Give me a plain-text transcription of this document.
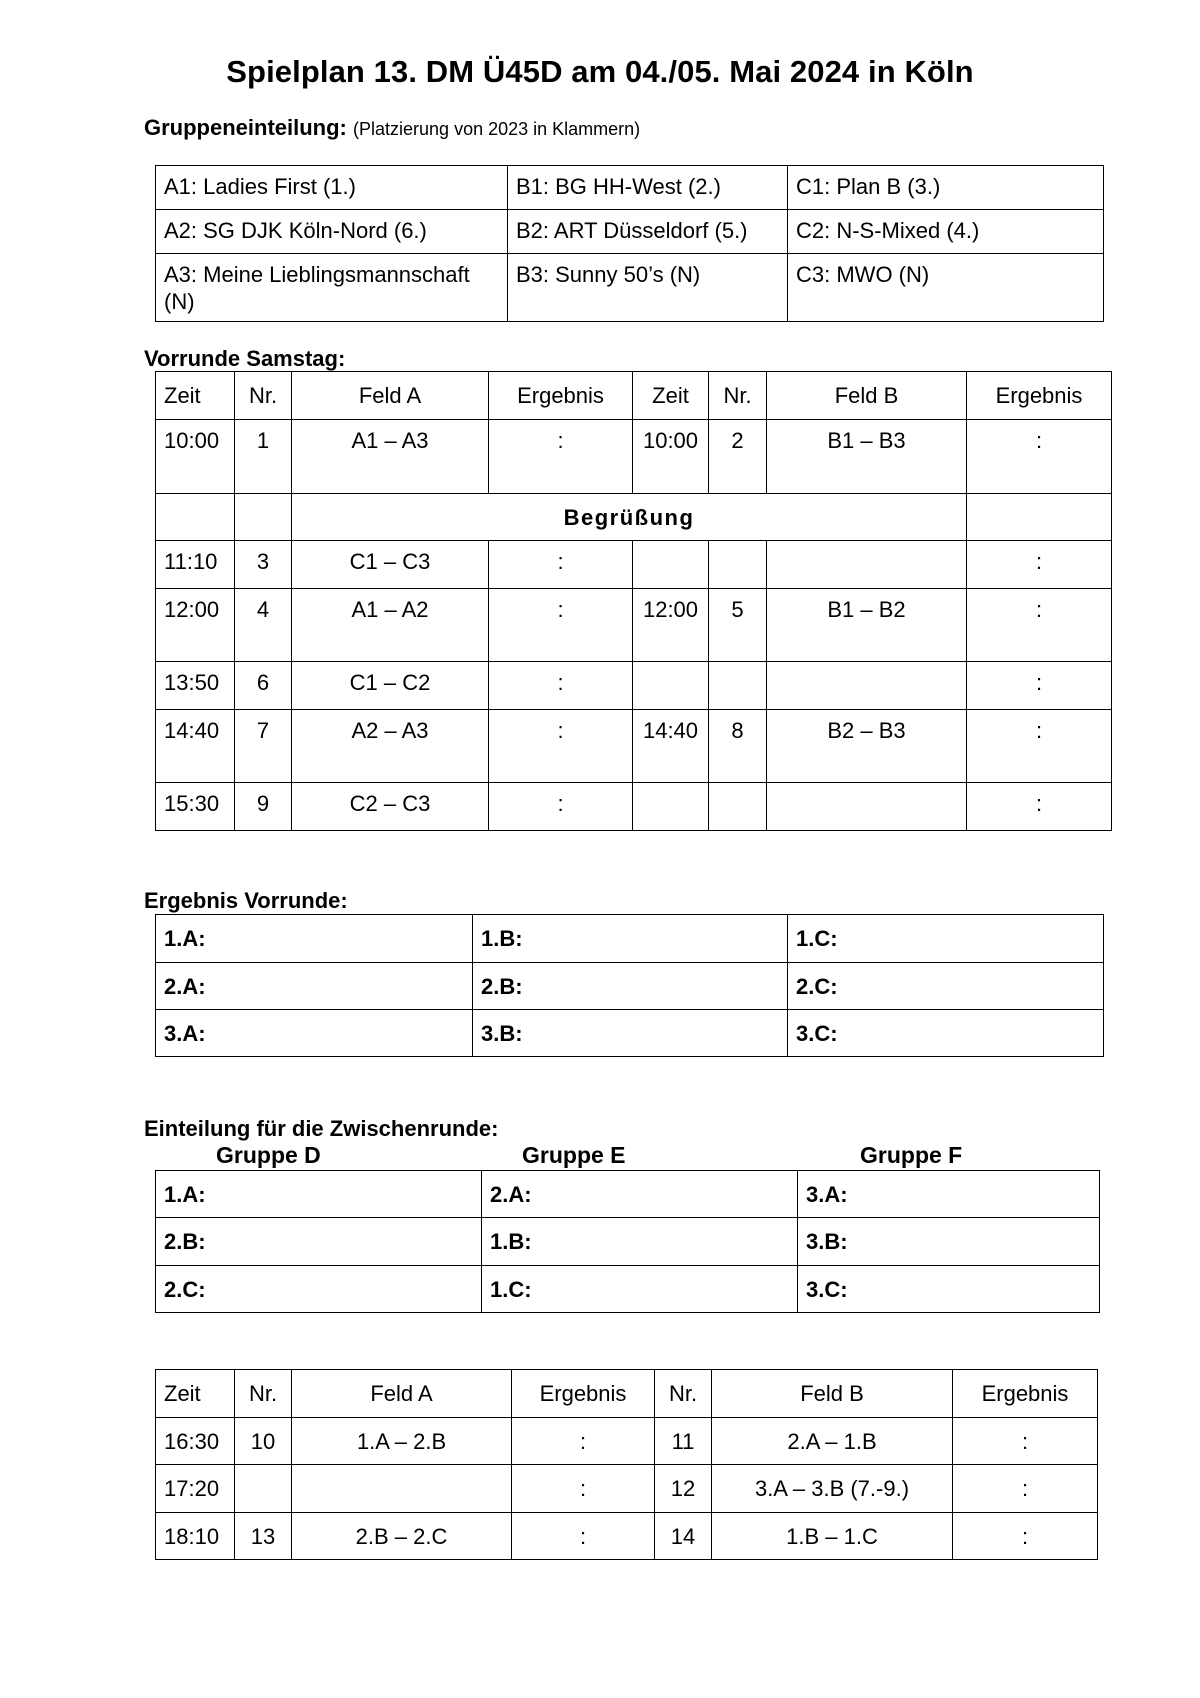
Spielplan 13. DM Ü45D am 04./05. Mai 2024 in Köln
Gruppeneinteilung: (Platzierung von 2023 in Klammern)
A1: Ladies First (1.)	B1: BG HH-West (2.)	C1: Plan B (3.)
A2: SG DJK Köln-Nord (6.)	B2: ART Düsseldorf (5.)	C2: N-S-Mixed (4.)
A3: Meine Lieblingsmannschaft (N)	B3: Sunny 50’s (N)	C3: MWO (N)
Vorrunde Samstag:
Zeit	Nr.	Feld A	Ergebnis	Zeit	Nr.	Feld B	Ergebnis
10:00	1	A1 – A3	:	10:00	2	B1 – B3	:
		Begrüßung					
11:10	3	C1 – C3	:				:
12:00	4	A1 – A2	:	12:00	5	B1 – B2	:
13:50	6	C1 – C2	:				:
14:40	7	A2 – A3	:	14:40	8	B2 – B3	:
15:30	9	C2 – C3	:				:
Ergebnis Vorrunde:
1.A:	1.B:	1.C:
2.A:	2.B:	2.C:
3.A:	3.B:	3.C:
Einteilung für die Zwischenrunde:
Gruppe D	Gruppe E	Gruppe F
1.A:	2.A:	3.A:
2.B:	1.B:	3.B:
2.C:	1.C:	3.C:
Zeit	Nr.	Feld A	Ergebnis	Nr.	Feld B	Ergebnis
16:30	10	1.A – 2.B	:	11	2.A – 1.B	:
17:20			:	12	3.A – 3.B (7.-9.)	:
18:10	13	2.B – 2.C	:	14	1.B – 1.C	:
